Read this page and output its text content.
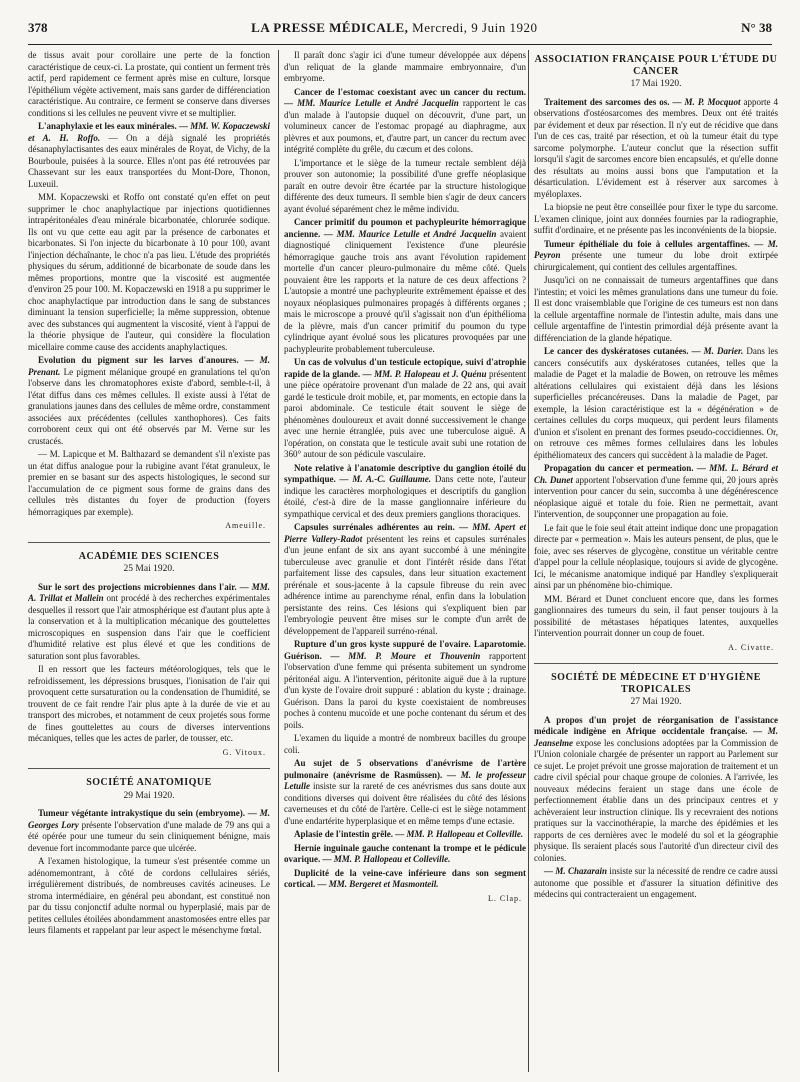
378	LA PRESSE MÉDICALE, Mercredi, 9 Juin 1920	N° 38

de tissus avait pour corollaire une perte de la fonction caractéristique de ceux-ci. La prostate, qui contient un ferment très actif, perd rapidement ce ferment après mise en culture, lorsque l'épithélium végète activement, mais sans garder de différenciation caractéristique. Au contraire, ce ferment se conserve dans diverses conditions si les cellules ne peuvent vivre et se multiplier.

L'anaphylaxie et les eaux minérales. — MM. W. Kopaczewski et A. H. Roffo. — On a déjà signalé les propriétés désanaphylactisantes des eaux minérales de Royat, de Vichy, de la Bourboule, puisées à la source. Elles n'ont pas été retrouvées par Chassevant sur les eaux transportées du Mont-Dore, Thonon, Luxeuil.

MM. Kopaczewski et Roffo ont constaté qu'en effet on peut supprimer le choc anaphylactique par injections quotidiennes intrapéritonéales d'eau minérale bicarbonatée, chlorurée sodique. Ils ont vu que cette eau agit par la présence de carbonates et bicarbonates. Si l'on injecte du bicarbonate à 10 pour 100, avant l'injection déchaînante, le choc n'a pas lieu. L'étude des propriétés physiques du sérum, additionné de bicarbonate de soude dans les mêmes proportions, montre que la viscosité est augmentée d'environ 25 pour 100. M. Kopaczewski en 1918 a pu supprimer le choc anaphylactique par introduction dans le sang de substances diminuant la tension superficielle; la même suppression, obtenue avec des substances qui augmentent la viscosité, vient à l'appui de la théorie physique de l'auteur, qui considère la floculation micellaire comme cause des accidents anaphylactiques.

Evolution du pigment sur les larves d'anoures. — M. Prenant. Le pigment mélanique groupé en granulations tel qu'on l'observe dans les chromatophores existe d'abord, semble-t-il, à l'état diffus dans ces mêmes cellules. Il existe aussi à l'état de granulations jaunes dans des cellules de même ordre, constamment associées aux précédentes (cellules xanthophores). Ces faits corroborent ceux qui ont été observés par M. Verne sur les crustacés.

— M. Lapicque et M. Balthazard se demandent s'il n'existe pas un état diffus analogue pour la rubigine avant l'état granuleux, le premier en se basant sur des aspects histologiques, le second sur l'accumulation de ce pigment sous forme de grains dans des cellules très distantes du foyer de production (foyers hémorragiques par exemple).

Ameuille.

ACADÉMIE DES SCIENCES

25 Mai 1920.

Sur le sort des projections microbiennes dans l'air. — MM. A. Trillat et Mallein ont procédé à des recherches expérimentales desquelles il ressort que l'air atmosphérique est d'autant plus apte à la conservation et à la multiplication mécanique des gouttelettes microscopiques en suspension dans l'air que le coefficient d'humidité relative est plus élevé et que les conditions de saturation sont plus favorables.

Il en ressort que les facteurs météorologiques, tels que le refroidissement, les dépressions brusques, l'ionisation de l'air qui provoquent cette sursaturation ou la condensation de l'humidité, se trouvent de ce fait rendre l'air plus apte à la durée de vie et au transport des microbes, et notamment de ceux projetés sous forme de fines gouttelettes au cours de diverses interventions mécaniques, telles que les actes de parler, de tousser, etc.

G. Vitoux.

SOCIÉTÉ ANATOMIQUE

29 Mai 1920.

Tumeur végétante intrakystique du sein (embryome). — M. Georges Lory présente l'observation d'une malade de 79 ans qui a été opérée pour une tumeur du sein cliniquement bénigne, mais devenue fort incommodante parce que ulcérée.

A l'examen histologique, la tumeur s'est présentée comme un adénomemontrant, à côté de cordons cellulaires sériés, irrégulièrement distribués, de nombreuses cavités acineuses. Le stroma intermédiaire, en général peu abondant, est constitué non par du tissu conjonctif adulte normal ou hyperplasié, mais par de petites cellules étoilées abondamment anastomosées entre elles par leurs filaments et rappelant par leur aspect le mésenchyme fœtal.

Il paraît donc s'agir ici d'une tumeur développée aux dépens d'un reliquat de la glande mammaire embryonnaire, d'un embryome.

Cancer de l'estomac coexistant avec un cancer du rectum. — MM. Maurice Letulle et André Jacquelin rapportent le cas d'un malade à l'autopsie duquel on découvrit, d'une part, un volumineux cancer de l'estomac propagé au diaphragme, aux plèvres et aux poumons, et, d'autre part, un cancer du rectum avec intégrité complète du grêle, du cæcum et des colons.

L'importance et le siège de la tumeur rectale semblent déjà prouver son autonomie; la possibilité d'une greffe néoplasique paraît en outre devoir être écartée par la structure histologique différente des deux tumeurs. Il semble bien s'agir de deux cancers ayant évolué séparément chez le même individu.

Cancer primitif du poumon et pachypleurite hémorragique ancienne. — MM. Maurice Letulle et André Jacquelin avaient diagnostiqué cliniquement l'existence d'une pleurésie hémorragique gauche trois ans avant l'évolution rapidement mortelle d'un cancer pleuro-pulmonaire du même côté. Quels pouvaient être les rapports et la nature de ces deux affections ? L'autopsie a montré une pachypleurite extrêmement épaisse et des noyaux néoplasiques pulmonaires propagés à différents organes ; mais le microscope a prouvé qu'il s'agissait non d'un épithélioma de la plèvre, mais d'un cancer primitif du poumon du type cylindrique ayant évolué sous les plicatures provoquées par une pachypleurite probablement tuberculeuse.

Un cas de volvulus d'un testicule ectopique, suivi d'atrophie rapide de la glande. — MM. P. Halopeau et J. Quénu présentent une pièce opératoire provenant d'un malade de 22 ans, qui avait gardé le testicule droit mobile, et, par moments, en ectopie dans la paroi abdominale. Ce testicule était souvent le siège de phénomènes douloureux et avait donné successivement le change avec une hernie étranglée, puis avec une tuberculose aiguë. A l'opération, on constata que le testicule avait subi une rotation de 360° autour de son pédicule vasculaire.

Note relative à l'anatomie descriptive du ganglion étoilé du sympathique. — M. A.-C. Guillaume. Dans cette note, l'auteur indique les caractères morphologiques et descriptifs du ganglion étoilé, c'est-à dire de la masse ganglionnaire inférieure du sympathique cervical et des deux premiers ganglions thoraciques.

Capsules surrénales adhérentes au rein. — MM. Apert et Pierre Vallery-Radot présentent les reins et capsules surrénales d'un jeune enfant de six ans ayant succombé à une méningite tuberculeuse avec granulie et dont l'intérêt réside dans l'état parfaitement lisse des capsules, dans leur situation exactement prérénale et sous-jacente à la capsule fibreuse du rein avec adhérence intime au parenchyme rénal, enfin dans la lobulation persistante des reins. Ces lésions qui s'expliquent bien par l'embryologie peuvent être mises sur le compte d'un arrêt de développement de l'appareil surréno-rénal.

Rupture d'un gros kyste suppuré de l'ovaire. Laparotomie. Guérison. — MM. P. Moure et Thouvenin rapportent l'observation d'une femme qui présenta subitement un syndrome péritonéal aigu. A l'intervention, péritonite aiguë due à la rupture d'un kyste de l'ovaire droit suppuré : ablation du kyste ; drainage. Guérison. Dans la paroi du kyste coexistaient de nombreuses poches à contenu mucoïde et une poche contenant du sérum et des poils.

L'examen du liquide a montré de nombreux bacilles du groupe coli.

Au sujet de 5 observations d'anévrisme de l'artère pulmonaire (anévrisme de Rasmüssen). — M. le professeur Letulle insiste sur la rareté de ces anévrismes dus sans doute aux conditions diverses qui doivent être réalisées du côté des lésions caverneuses et du côté de l'artère. Celle-ci est le siège notamment d'une endartérite hyperplasique et en même temps d'une ectasie.

Aplasie de l'intestin grêle. — MM. P. Hallopeau et Colleville.

Hernie inguinale gauche contenant la trompe et le pédicule ovarique. — MM. P. Hallopeau et Colleville.

Duplicité de la veine-cave inférieure dans son segment cortical. — MM. Bergeret et Masmonteil.

L. Clap.

ASSOCIATION FRANÇAISE POUR L'ÉTUDE DU CANCER

17 Mai 1920.

Traitement des sarcomes des os. — M. P. Mocquot apporte 4 observations d'ostéosarcomes des membres. Deux ont été traités par évidement et deux par résection. Il n'y eut de récidive que dans l'un de ces cas, traité par résection, et où la tumeur était du type sarcome polymorphe. L'auteur conclut que la résection suffit lorsqu'il s'agit de sarcomes encore bien encapsulés, et qu'elle donne des résultats au moins aussi bons que l'amputation et la désarticulation. L'évidement est à réserver aux sarcomes à myéloplaxes.

La biopsie ne peut être conseillée pour fixer le type du sarcome. L'examen clinique, joint aux données fournies par la radiographie, suffit d'ordinaire, et ne présente pas les inconvénients de la biopsie.

Tumeur épithéliale du foie à cellules argentaffines. — M. Peyron présente une tumeur du lobe droit extirpée chirurgicalement, qui contient des cellules argentaffines.

Jusqu'ici on ne connaissait de tumeurs argentaffines que dans l'intestin; et voici les mêmes granulations dans une tumeur du foie. Il est donc vraisemblable que l'origine de ces tumeurs est non dans la cellule argentaffine normale de l'intestin adulte, mais dans une cellule argentaffine de l'intestin primordial déjà présente avant la différenciation de la glande hépatique.

Le cancer des dyskératoses cutanées. — M. Darier. Dans les cancers consécutifs aux dyskératoses cutanées, telles que la maladie de Paget et la maladie de Bowen, on retrouve les mêmes altérations cellulaires qui existaient déjà dans les lésions superficielles précancéreuses. Dans la maladie de Paget, par exemple, la lésion caractéristique est la « dégénération » de certaines cellules du corps muqueux, qui perdent leurs filaments d'union et s'isolent en prenant des formes pseudo-coccidiennes. Or, on retrouve ces mêmes formes cellulaires dans les lobules épithéliomateux des cancers qui succèdent à la maladie de Paget.

Propagation du cancer et permeation. — MM. L. Bérard et Ch. Dunet apportent l'observation d'une femme qui, 20 jours après intervention pour cancer du sein, succomba à une dégénérescence néoplasique aiguë et totale du foie. Rien ne permettait, avant l'intervention, de soupçonner une propagation au foie.

Le fait que le foie seul était atteint indique donc une propagation directe par « permeation ». Mais les auteurs pensent, de plus, que le foie, avec ses réserves de glycogène, constitue un véritable centre d'appel pour la cellule néoplasique, toujours si avide de glycogène. Ici, le mécanisme anatomique indiqué par Handley s'expliquerait ainsi par un phénomène bio-chimique.

MM. Bérard et Dunet concluent encore que, dans les formes ganglionnaires des tumeurs du sein, il faut penser toujours à la possibilité de métastases hépatiques latentes, auxquelles l'intervention pourrait donner un coup de fouet.

A. Civatte.

SOCIÉTÉ DE MÉDECINE ET D'HYGIÈNE TROPICALES

27 Mai 1920.

A propos d'un projet de réorganisation de l'assistance médicale indigène en Afrique occidentale française. — M. Jeanselme expose les conclusions adoptées par la Commission de l'Union coloniale chargée de présenter un rapport au Parlement sur ce sujet. Le projet prévoit une grosse majoration de traitement et un cadre civil spécial pour chaque groupe de colonies. A l'arrivée, les nouveaux médecins feraient un stage dans une école de perfectionnement établie dans un des principaux centres et y achèveraient leur instruction clinique. Ils y recevraient des notions pratiques sur la vaccinothérapie, la marche des épidémies et les rapports de ces dernières avec le modelé du sol et la géographie physique. Ils seraient placés sous l'autorité d'un directeur civil des colonies.

— M. Chazarain insiste sur la nécessité de rendre ce cadre aussi autonome que possible et d'assurer la situation définitive des médecins qui contracteraient un engagement.
